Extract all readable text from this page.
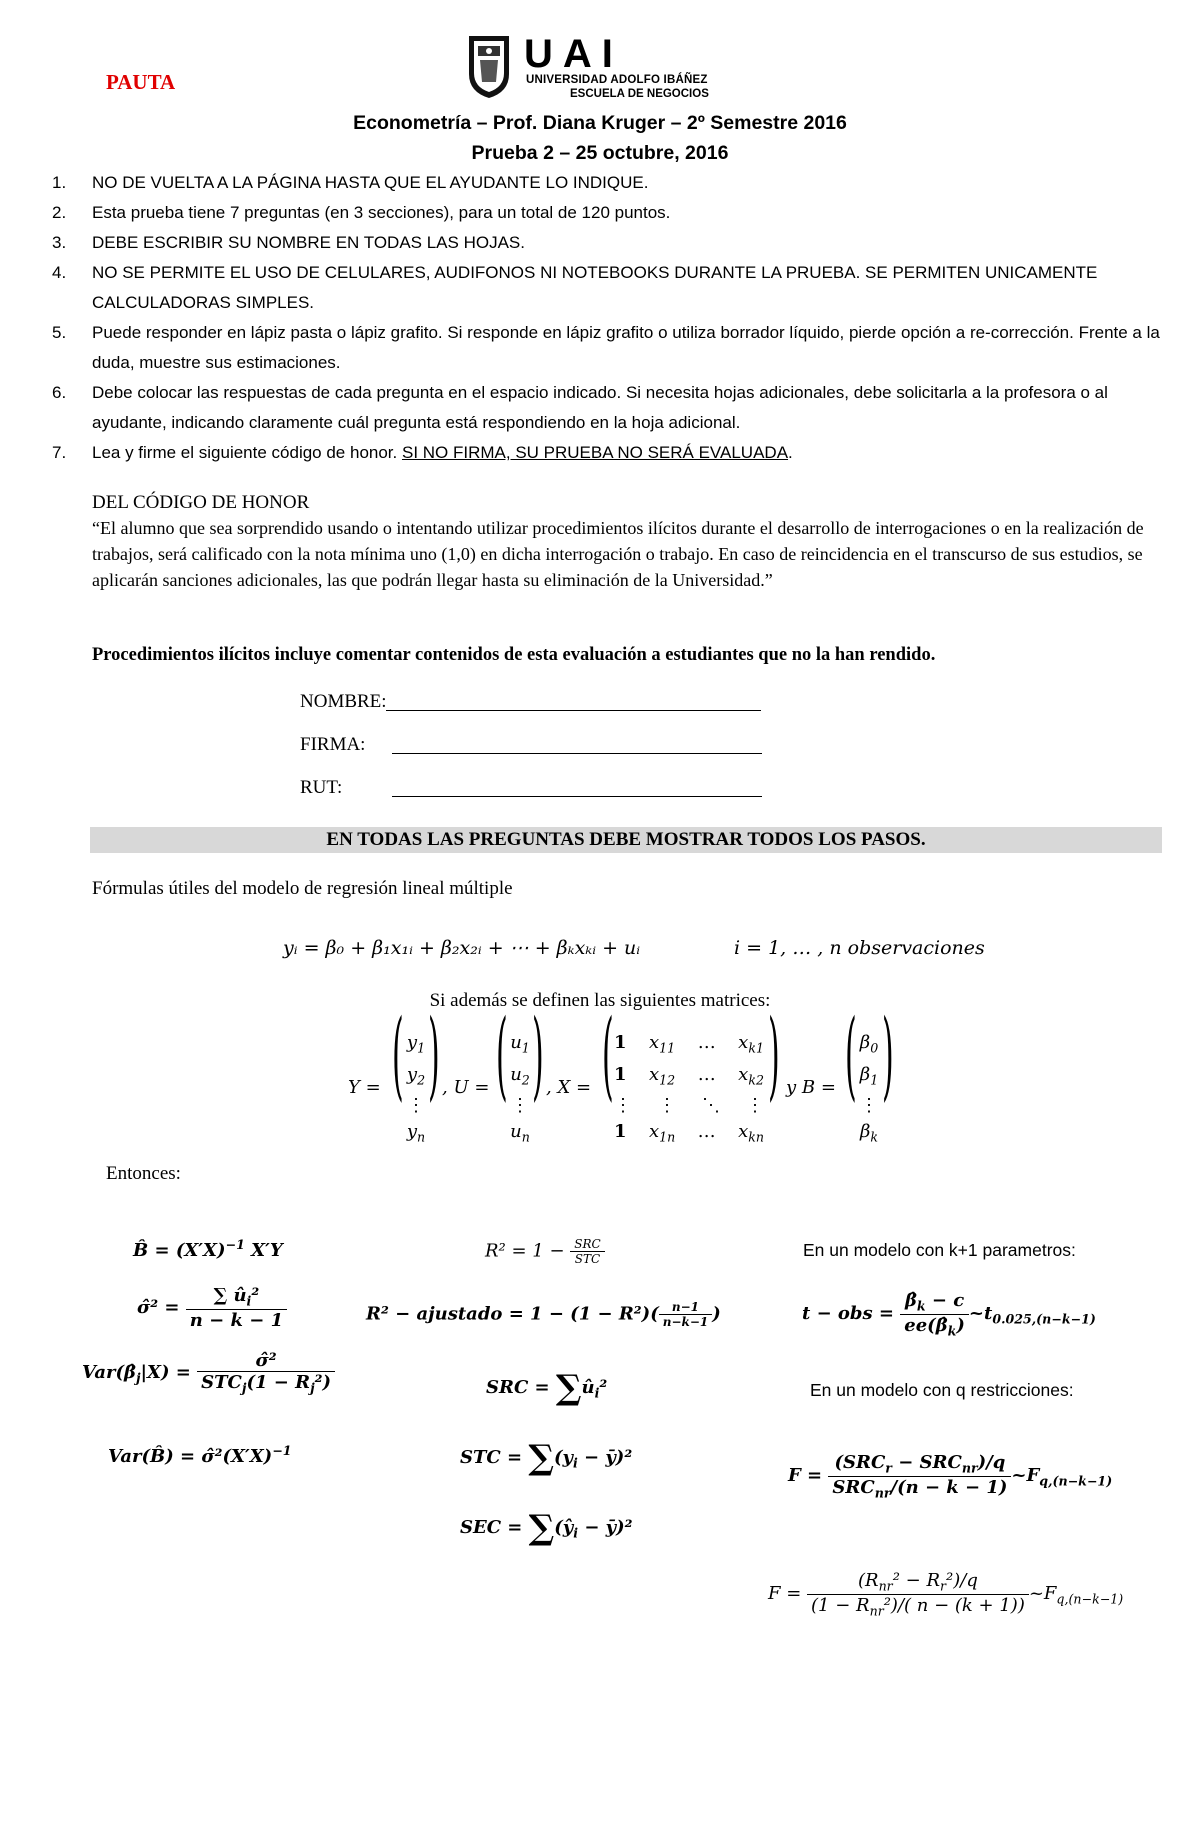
PAUTA
UAI
UNIVERSIDAD ADOLFO IBÁÑEZ
ESCUELA DE NEGOCIOS
Econometría – Prof. Diana Kruger – 2º Semestre 2016
Prueba 2 – 25 octubre, 2016
1.	NO DE VUELTA A LA PÁGINA HASTA QUE EL AYUDANTE LO INDIQUE.
2.	Esta prueba tiene 7 preguntas (en 3 secciones), para un total de 120 puntos.
3.	DEBE ESCRIBIR SU NOMBRE EN TODAS LAS HOJAS.
4.	NO SE PERMITE EL USO DE CELULARES, AUDIFONOS NI NOTEBOOKS DURANTE LA PRUEBA. SE PERMITEN UNICAMENTE CALCULADORAS SIMPLES.
5.	Puede responder en lápiz pasta o lápiz grafito. Si responde en lápiz grafito o utiliza borrador líquido, pierde opción a re-corrección. Frente a la duda, muestre sus estimaciones.
6.	Debe colocar las respuestas de cada pregunta en el espacio indicado. Si necesita hojas adicionales, debe solicitarla a la profesora o al ayudante, indicando claramente cuál pregunta está respondiendo en la hoja adicional.
7.	Lea y firme el siguiente código de honor. SI NO FIRMA, SU PRUEBA NO SERÁ EVALUADA.
DEL CÓDIGO DE HONOR
“El alumno que sea sorprendido usando o intentando utilizar procedimientos ilícitos durante el desarrollo de interrogaciones o en la realización de trabajos, será calificado con la nota mínima uno (1,0) en dicha interrogación o trabajo. En caso de reincidencia en el transcurso de sus estudios, se aplicarán sanciones adicionales, las que podrán llegar hasta su eliminación de la Universidad.”
Procedimientos ilícitos incluye comentar contenidos de esta evaluación a estudiantes que no la han rendido.
NOMBRE:
FIRMA:
RUT:
EN TODAS LAS PREGUNTAS DEBE MOSTRAR TODOS LOS PASOS.
Fórmulas útiles del modelo de regresión lineal múltiple
yᵢ = β₀ + β₁x₁ᵢ + β₂x₂ᵢ + ⋯ + βₖxₖᵢ + uᵢ	i = 1, … , n observaciones
Si además se definen las siguientes matrices:
Y = ( $y_1$
$y_2$
⋮
$y_n$
) , U = ( $u_1$
$u_2$
⋮
$u_n$
) , X = ( 1 $x_{11}$ … $x_{k1}$
1 $x_{12}$ … $x_{k2}$
⋮ ⋮ ⋱ ⋮
1 $x_{1n}$ … $x_{kn}$
) y B = ( $\beta_0$
$\beta_1$
⋮
$\beta_k$
)
Entonces:
B̂ = $(X'X)^{-1}$ X′Y
σ̂² = $\frac{\sum û_i^2}{n - k - 1}$
$Var(\betâ_j|X) = \frac{\text{σ̂²}}{STC_j(1 - R_j^2)}$
Var(B̂) = $\sigmâ^2(X'X)^{-1}$
$R^2 = 1 - \frac{\text{SRC}}{\text{STC}}$
R² − ajustado = $1 - (1 - R^2)( \frac{n-1}{n-k-1}$ )
SRC = $\sum û_i^2$
STC = $\sum(y_i$ − ȳ)²
SEC = $\sum(ŷ_i$ − ȳ)²
En un modelo con k+1 parametros:
t − obs = $\frac{\betâ_k - c}{ee(\betâ_k)}$ $\sim t_{0.025,(n-k-1)}$
En un modelo con q restricciones:
$F = \frac{(SRC_r - SRC_{nr})/q}{SRC_{nr}/(n - k - 1)}$ $\sim F_{q,(n-k-1)}$
$F = \frac{(R_{nr}^2 - R_r^2)/q}{(1 - R_{nr}^2)/( n - (k + 1))}$ $\sim F_{q,(n-k-1)}$
